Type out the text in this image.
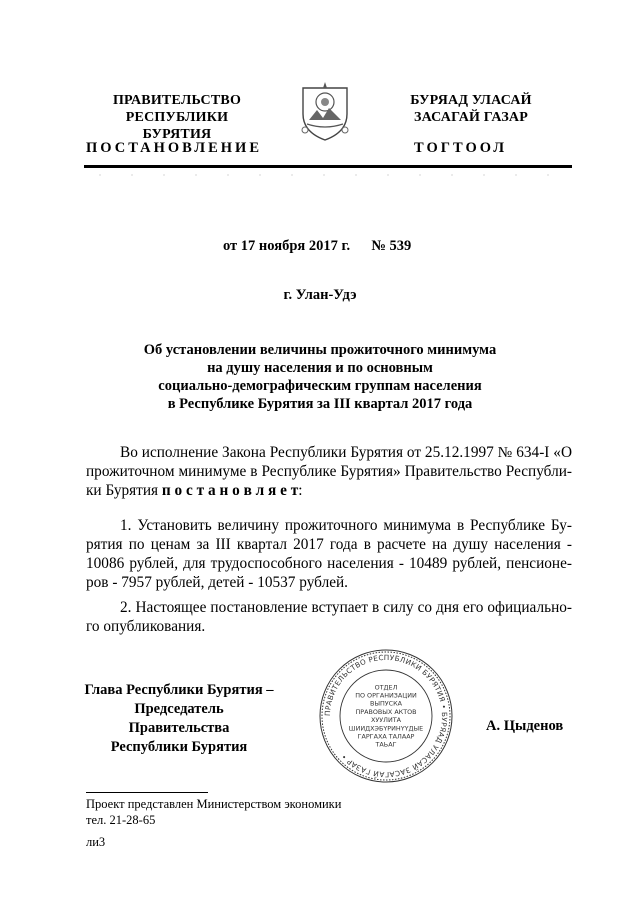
ПРАВИТЕЛЬСТВО
РЕСПУБЛИКИ БУРЯТИЯ
ПОСТАНОВЛЕНИЕ
БУРЯАД УЛАСАЙ
ЗАСАГАЙ ГАЗАР
ТОГТООЛ
от 17 ноября 2017 г. № 539
г. Улан-Удэ
Об установлении величины прожиточного минимума
на душу населения и по основным
социально-демографическим группам населения
в Республике Бурятия за III квартал 2017 года
Во исполнение Закона Республики Бурятия от 25.12.1997 № 634-I «О
прожиточном минимуме в Республике Бурятия» Правительство Республи-
ки Бурятия п о с т а н о в л я е т:
1. Установить величину прожиточного минимума в Республике Бу-
рятия по ценам за III квартал 2017 года в расчете на душу населения -
10086 рублей, для трудоспособного населения - 10489 рублей, пенсионе-
ров - 7957 рублей, детей - 10537 рублей.
2. Настоящее постановление вступает в силу со дня его официально-
го опубликования.
Глава Республики Бурятия –
Председатель Правительства
Республики Бурятия
А. Цыденов
ПРАВИТЕЛЬСТВО РЕСПУБЛИКИ БУРЯТИЯ • БУРЯАД УЛАСАЙ ЗАСАГАЙ ГАЗАР •
ОТДЕЛ
ПО ОРГАНИЗАЦИИ
ВЫПУСКА
ПРАВОВЫХ АКТОВ
ХУУЛИТА
ШИИДХЭБҮРИНҮҮДЫЕ
ГАРГАХА ТАЛААР
ТАЬАГ
Проект представлен Министерством экономики
тел. 21-28-65
ли3
